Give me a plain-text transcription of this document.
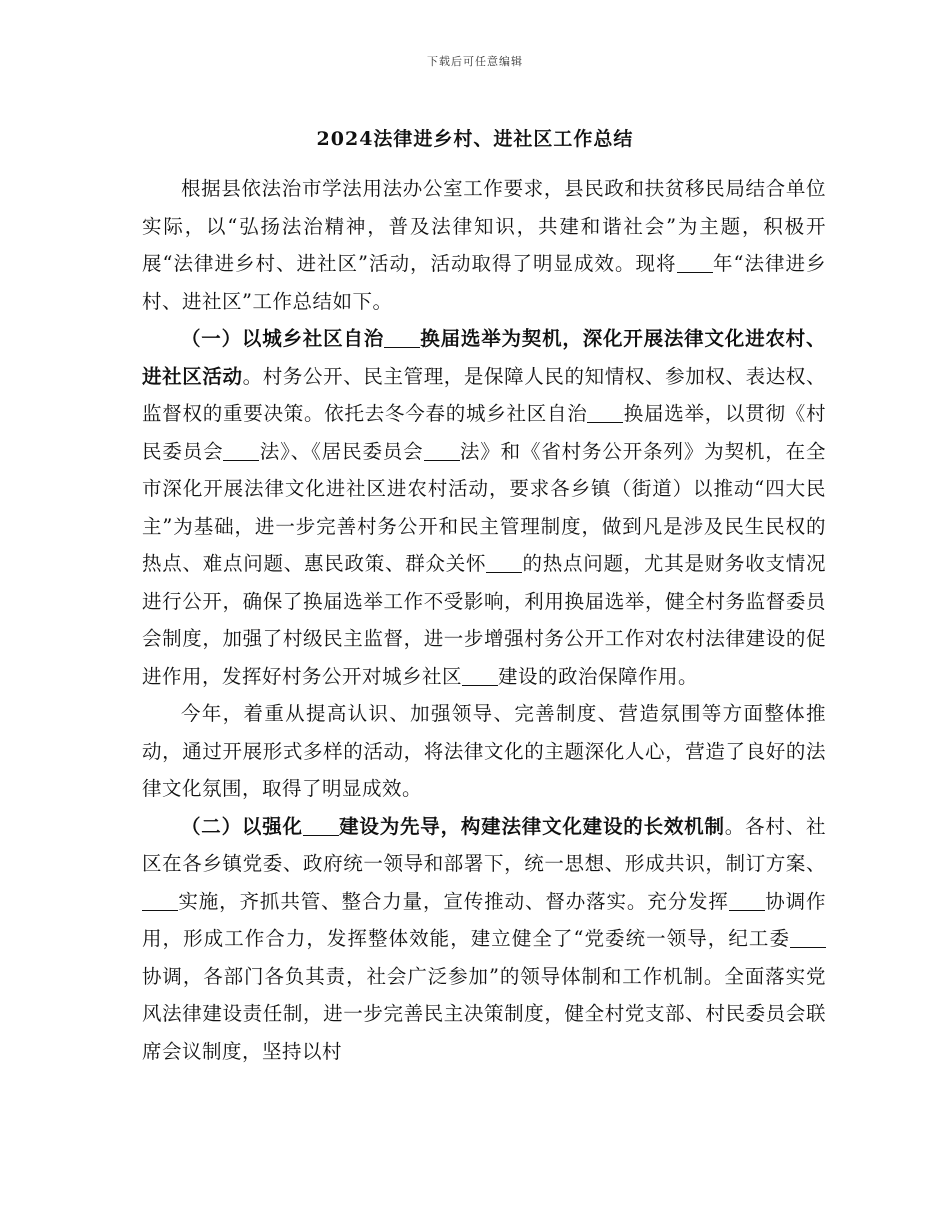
下载后可任意编辑
2024法律进乡村、进社区工作总结

根据县依法治市学法用法办公室工作要求，县民政和扶贫移民局结合单位实际，以“弘扬法治精神，普及法律知识，共建和谐社会”为主题，积极开展“法律进乡村、进社区”活动，活动取得了明显成效。现将 年“法律进乡村、进社区”工作总结如下。

（一）以城乡社区自治 换届选举为契机，深化开展法律文化进农村、进社区活动。村务公开、民主管理，是保障人民的知情权、参加权、表达权、监督权的重要决策。依托去冬今春的城乡社区自治 换届选举，以贯彻《村民委员会 法》、《居民委员会 法》和《省村务公开条列》为契机，在全市深化开展法律文化进社区进农村活动，要求各乡镇（街道）以推动“四大民主”为基础，进一步完善村务公开和民主管理制度，做到凡是涉及民生民权的热点、难点问题、惠民政策、群众关怀 的热点问题，尤其是财务收支情况进行公开，确保了换届选举工作不受影响，利用换届选举，健全村务监督委员会制度，加强了村级民主监督，进一步增强村务公开工作对农村法律建设的促进作用，发挥好村务公开对城乡社区 建设的政治保障作用。

今年，着重从提高认识、加强领导、完善制度、营造氛围等方面整体推动，通过开展形式多样的活动，将法律文化的主题深化人心，营造了良好的法律文化氛围，取得了明显成效。

（二）以强化 建设为先导，构建法律文化建设的长效机制。各村、社区在各乡镇党委、政府统一领导和部署下，统一思想、形成共识，制订方案、实施，齐抓共管、整合力量，宣传推动、督办落实。充分发挥 协调作用，形成工作合力，发挥整体效能，建立健全了“党委统一领导，纪工委协调，各部门各负其责，社会广泛参加”的领导体制和工作机制。全面落实党风法律建设责任制，进一步完善民主决策制度，健全村党支部、村民委员会联席会议制度，坚持以村
